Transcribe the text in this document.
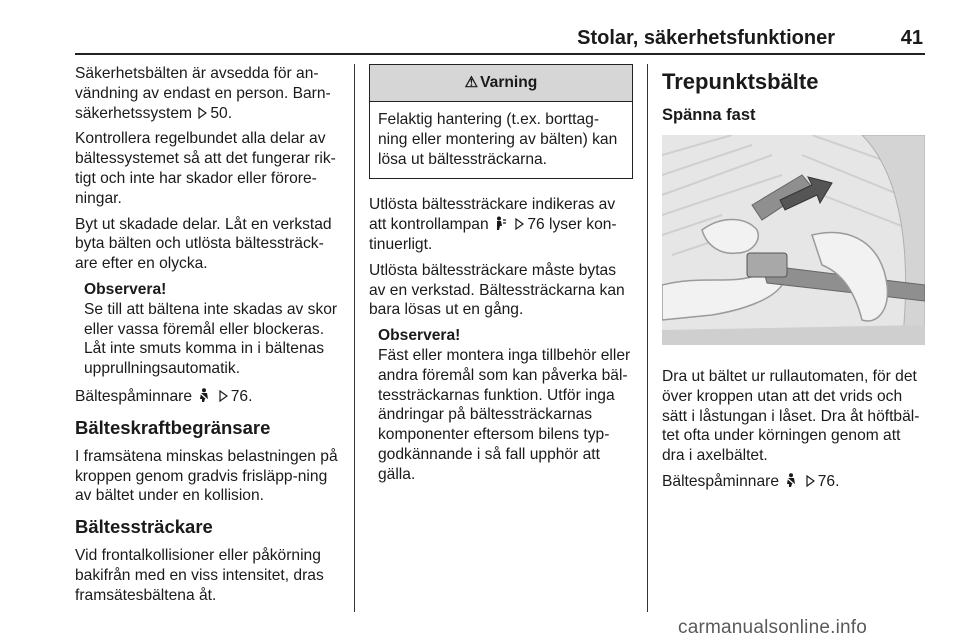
Stolar, säkerhetsfunktioner	41

Säkerhetsbälten är avsedda för an-vändning av endast en person. Barn-säkerhetssystem 50.

Kontrollera regelbundet alla delar av bältessystemet så att det fungerar rik-tigt och inte har skador eller förore-ningar.

Byt ut skadade delar. Låt en verkstad byta bälten och utlösta bältessträck-are efter en olycka.

Observera!
Se till att bältena inte skadas av skor eller vassa föremål eller blockeras. Låt inte smuts komma in i bältenas upprullningsautomatik.

Bältespåminnare 76.

Bälteskraftbegränsare

I framsätena minskas belastningen på kroppen genom gradvis frisläpp-ning av bältet under en kollision.

Bältessträckare

Vid frontalkollisioner eller påkörning bakifrån med en viss intensitet, dras framsätesbältena åt.

⚠ Varning
Felaktig hantering (t.ex. borttag-ning eller montering av bälten) kan lösa ut bältessträckarna.

Utlösta bältessträckare indikeras av att kontrollampan 76 lyser kon-tinuerligt.

Utlösta bältessträckare måste bytas av en verkstad. Bältessträckarna kan bara lösas ut en gång.

Observera!
Fäst eller montera inga tillbehör eller andra föremål som kan påverka bäl-tessträckarnas funktion. Utför inga ändringar på bältessträckarnas komponenter eftersom bilens typ-godkännande i så fall upphör att gälla.
Trepunktsbälte
Spänna fast

Dra ut bältet ur rullautomaten, för det över kroppen utan att det vrids och sätt i låstungan i låset. Dra åt höftbäl-tet ofta under körningen genom att dra i axelbältet.

Bältespåminnare 76.

carmanualsonline.info
